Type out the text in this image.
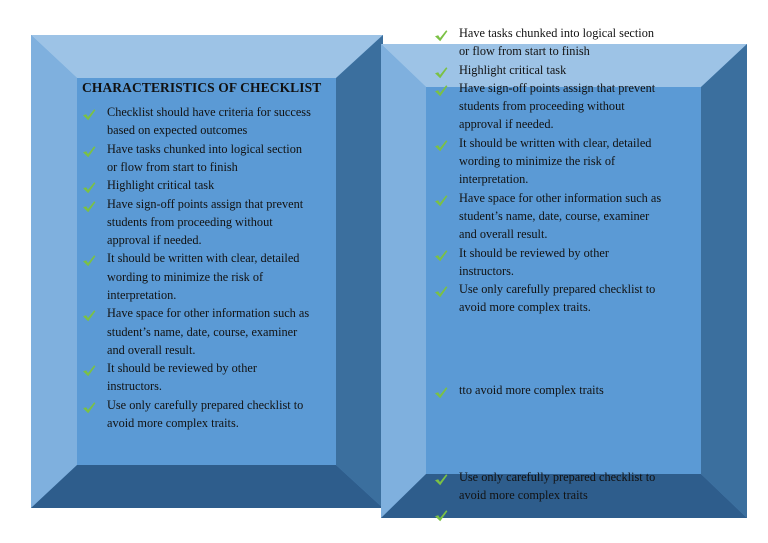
CHARACTERISTICS OF CHECKLIST
Checklist should have criteria for success
based on expected outcomes
Have tasks chunked into logical section
or flow from start to finish
Highlight critical task
Have sign-off points assign that prevent
students from proceeding without
approval if needed.
It should be written with clear, detailed
wording to minimize the risk of
interpretation.
Have space for other information such as
student’s name, date, course, examiner
and overall result.
It should be reviewed by other
instructors.
Use only carefully prepared checklist to
avoid more complex traits.
Have tasks chunked into logical section
or flow from start to finish
Highlight critical task
Have sign-off points assign that prevent
students from proceeding without
approval if needed.
It should be written with clear, detailed
wording to minimize the risk of
interpretation.
Have space for other information such as
student’s name, date, course, examiner
and overall result.
It should be reviewed by other
instructors.
Use only carefully prepared checklist to
avoid more complex traits.
tto avoid more complex traits
Use only carefully prepared checklist to
avoid more complex traits
